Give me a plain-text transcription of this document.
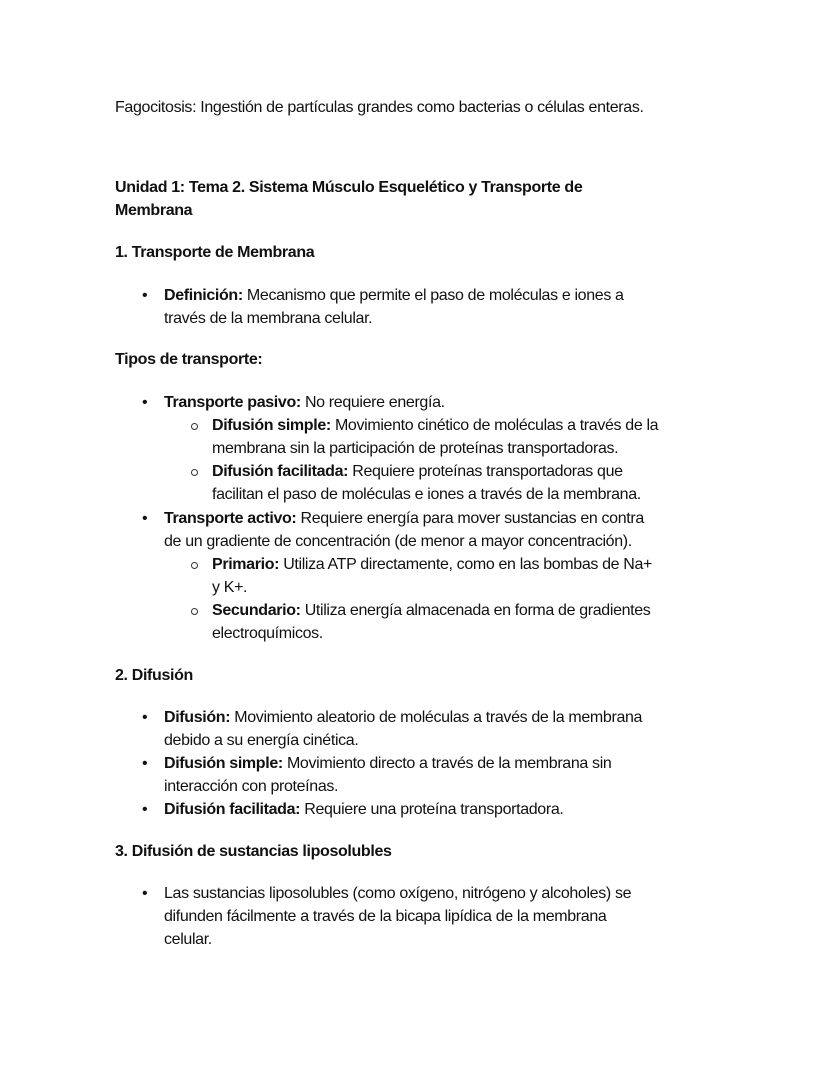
Fagocitosis: Ingestión de partículas grandes como bacterias o células enteras.
Unidad 1: Tema 2. Sistema Músculo Esquelético y Transporte de
Membrana
1. Transporte de Membrana
• Definición: Mecanismo que permite el paso de moléculas e iones a
través de la membrana celular.
Tipos de transporte:
• Transporte pasivo: No requiere energía.
Difusión simple: Movimiento cinético de moléculas a través de la
membrana sin la participación de proteínas transportadoras.
Difusión facilitada: Requiere proteínas transportadoras que
facilitan el paso de moléculas e iones a través de la membrana.
• Transporte activo: Requiere energía para mover sustancias en contra
de un gradiente de concentración (de menor a mayor concentración).
Primario: Utiliza ATP directamente, como en las bombas de Na+
y K+.
Secundario: Utiliza energía almacenada en forma de gradientes
electroquímicos.
2. Difusión
• Difusión: Movimiento aleatorio de moléculas a través de la membrana
debido a su energía cinética.
• Difusión simple: Movimiento directo a través de la membrana sin
interacción con proteínas.
• Difusión facilitada: Requiere una proteína transportadora.
3. Difusión de sustancias liposolubles
• Las sustancias liposolubles (como oxígeno, nitrógeno y alcoholes) se
difunden fácilmente a través de la bicapa lipídica de la membrana
celular.
